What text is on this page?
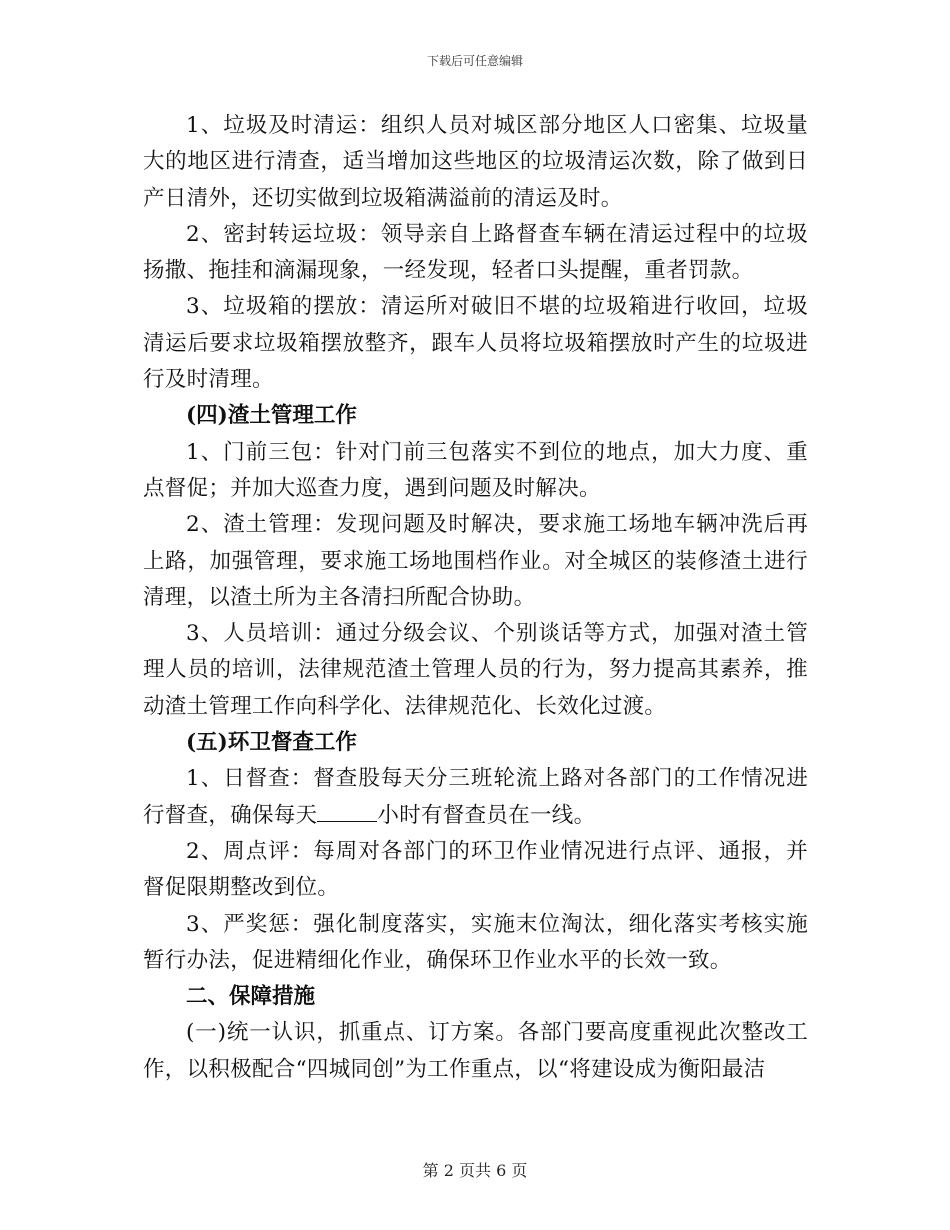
下载后可任意编辑

1、垃圾及时清运：组织人员对城区部分地区人口密集、垃圾量大的地区进行清查，适当增加这些地区的垃圾清运次数，除了做到日产日清外，还切实做到垃圾箱满溢前的清运及时。

2、密封转运垃圾：领导亲自上路督查车辆在清运过程中的垃圾扬撒、拖挂和滴漏现象，一经发现，轻者口头提醒，重者罚款。

3、垃圾箱的摆放：清运所对破旧不堪的垃圾箱进行收回，垃圾清运后要求垃圾箱摆放整齐，跟车人员将垃圾箱摆放时产生的垃圾进行及时清理。

(四)渣土管理工作

1、门前三包：针对门前三包落实不到位的地点，加大力度、重点督促；并加大巡查力度，遇到问题及时解决。

2、渣土管理：发现问题及时解决，要求施工场地车辆冲洗后再上路，加强管理，要求施工场地围档作业。对全城区的装修渣土进行清理，以渣土所为主各清扫所配合协助。

3、人员培训：通过分级会议、个别谈话等方式，加强对渣土管理人员的培训，法律规范渣土管理人员的行为，努力提高其素养，推动渣土管理工作向科学化、法律规范化、长效化过渡。

(五)环卫督查工作

1、日督查：督查股每天分三班轮流上路对各部门的工作情况进行督查，确保每天	小时有督查员在一线。

2、周点评：每周对各部门的环卫作业情况进行点评、通报，并督促限期整改到位。

3、严奖惩：强化制度落实，实施末位淘汰，细化落实考核实施暂行办法，促进精细化作业，确保环卫作业水平的长效一致。

二、保障措施

(一)统一认识，抓重点、订方案。各部门要高度重视此次整改工作，以积极配合“四城同创”为工作重点，以“将建设成为衡阳最洁

第 2 页共 6 页
